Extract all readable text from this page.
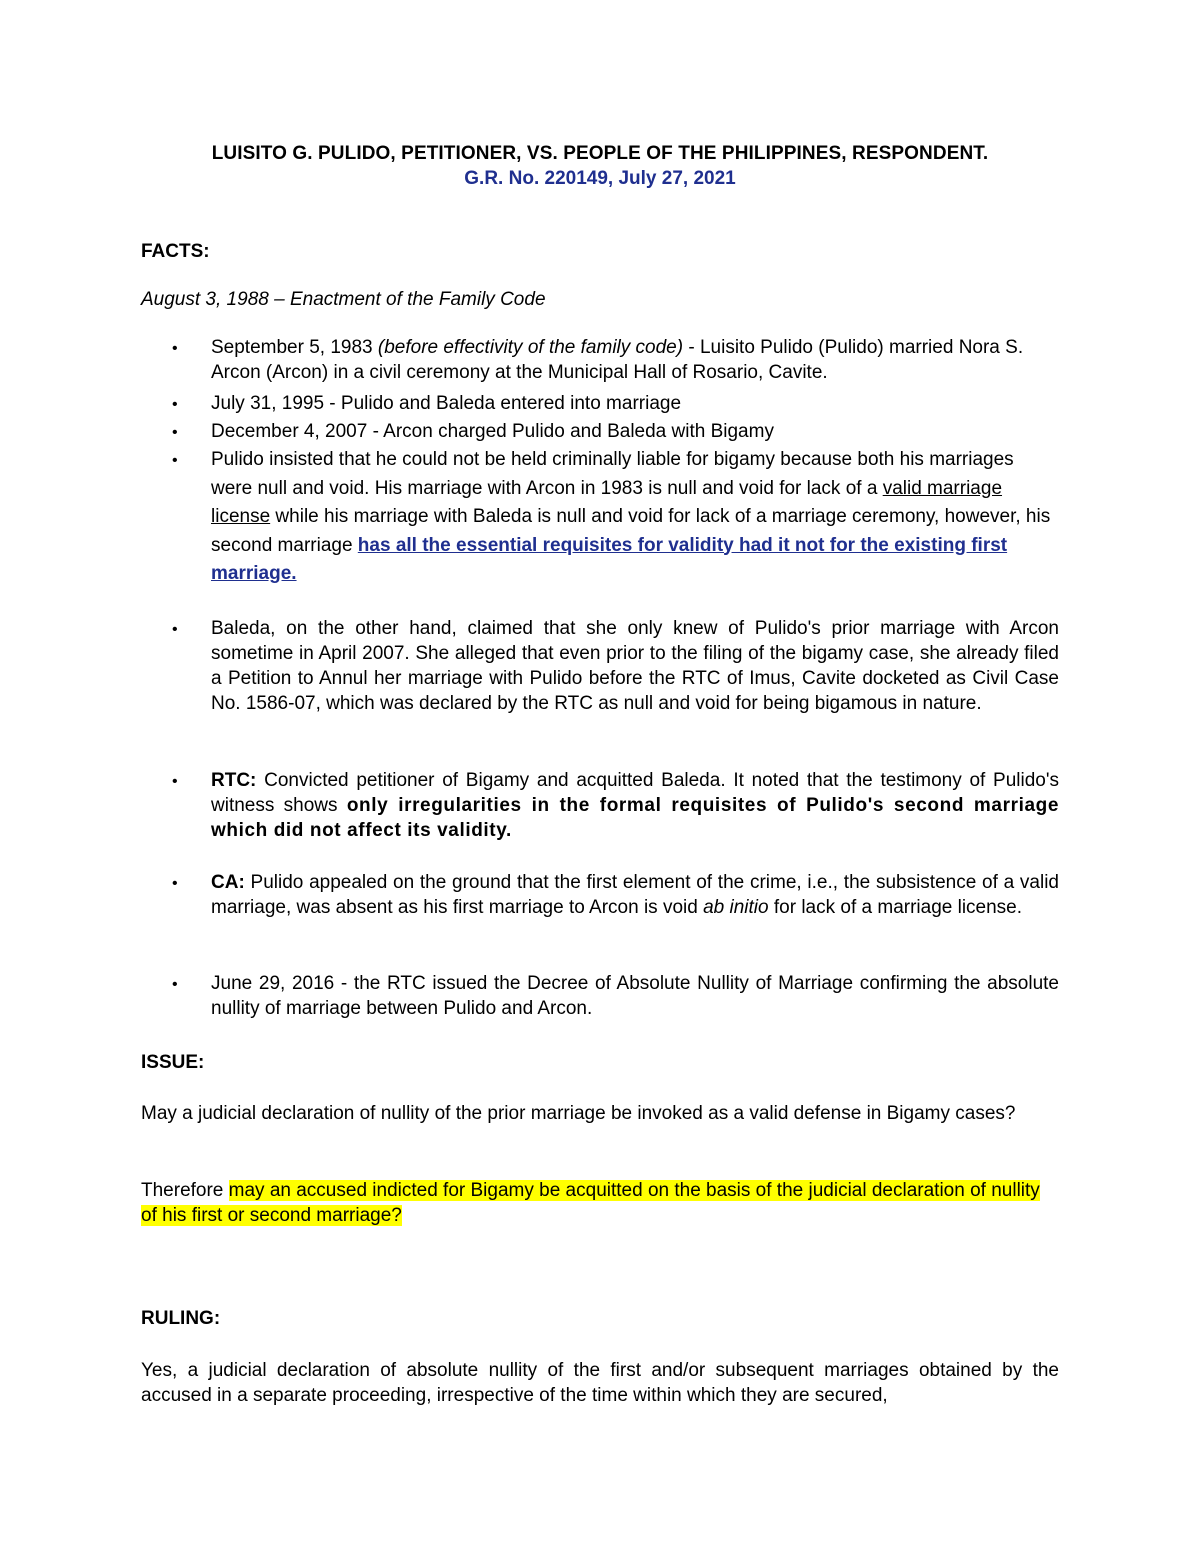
LUISITO G. PULIDO, PETITIONER, VS. PEOPLE OF THE PHILIPPINES, RESPONDENT.
G.R. No. 220149, July 27, 2021
FACTS:
August 3, 1988 – Enactment of the Family Code
• September 5, 1983 (before effectivity of the family code) - Luisito Pulido (Pulido) married Nora S. Arcon (Arcon) in a civil ceremony at the Municipal Hall of Rosario, Cavite.
• July 31, 1995 - Pulido and Baleda entered into marriage
• December 4, 2007 - Arcon charged Pulido and Baleda with Bigamy
• Pulido insisted that he could not be held criminally liable for bigamy because both his marriages were null and void. His marriage with Arcon in 1983 is null and void for lack of a valid marriage license while his marriage with Baleda is null and void for lack of a marriage ceremony, however, his second marriage has all the essential requisites for validity had it not for the existing first marriage.
• Baleda, on the other hand, claimed that she only knew of Pulido's prior marriage with Arcon sometime in April 2007. She alleged that even prior to the filing of the bigamy case, she already filed a Petition to Annul her marriage with Pulido before the RTC of Imus, Cavite docketed as Civil Case No. 1586-07, which was declared by the RTC as null and void for being bigamous in nature.
• RTC: Convicted petitioner of Bigamy and acquitted Baleda. It noted that the testimony of Pulido's witness shows only irregularities in the formal requisites of Pulido's second marriage which did not affect its validity.
• CA: Pulido appealed on the ground that the first element of the crime, i.e., the subsistence of a valid marriage, was absent as his first marriage to Arcon is void ab initio for lack of a marriage license.
• June 29, 2016 - the RTC issued the Decree of Absolute Nullity of Marriage confirming the absolute nullity of marriage between Pulido and Arcon.
ISSUE:
May a judicial declaration of nullity of the prior marriage be invoked as a valid defense in Bigamy cases?
Therefore may an accused indicted for Bigamy be acquitted on the basis of the judicial declaration of nullity of his first or second marriage?
RULING:
Yes, a judicial declaration of absolute nullity of the first and/or subsequent marriages obtained by the accused in a separate proceeding, irrespective of the time within which they are secured,
